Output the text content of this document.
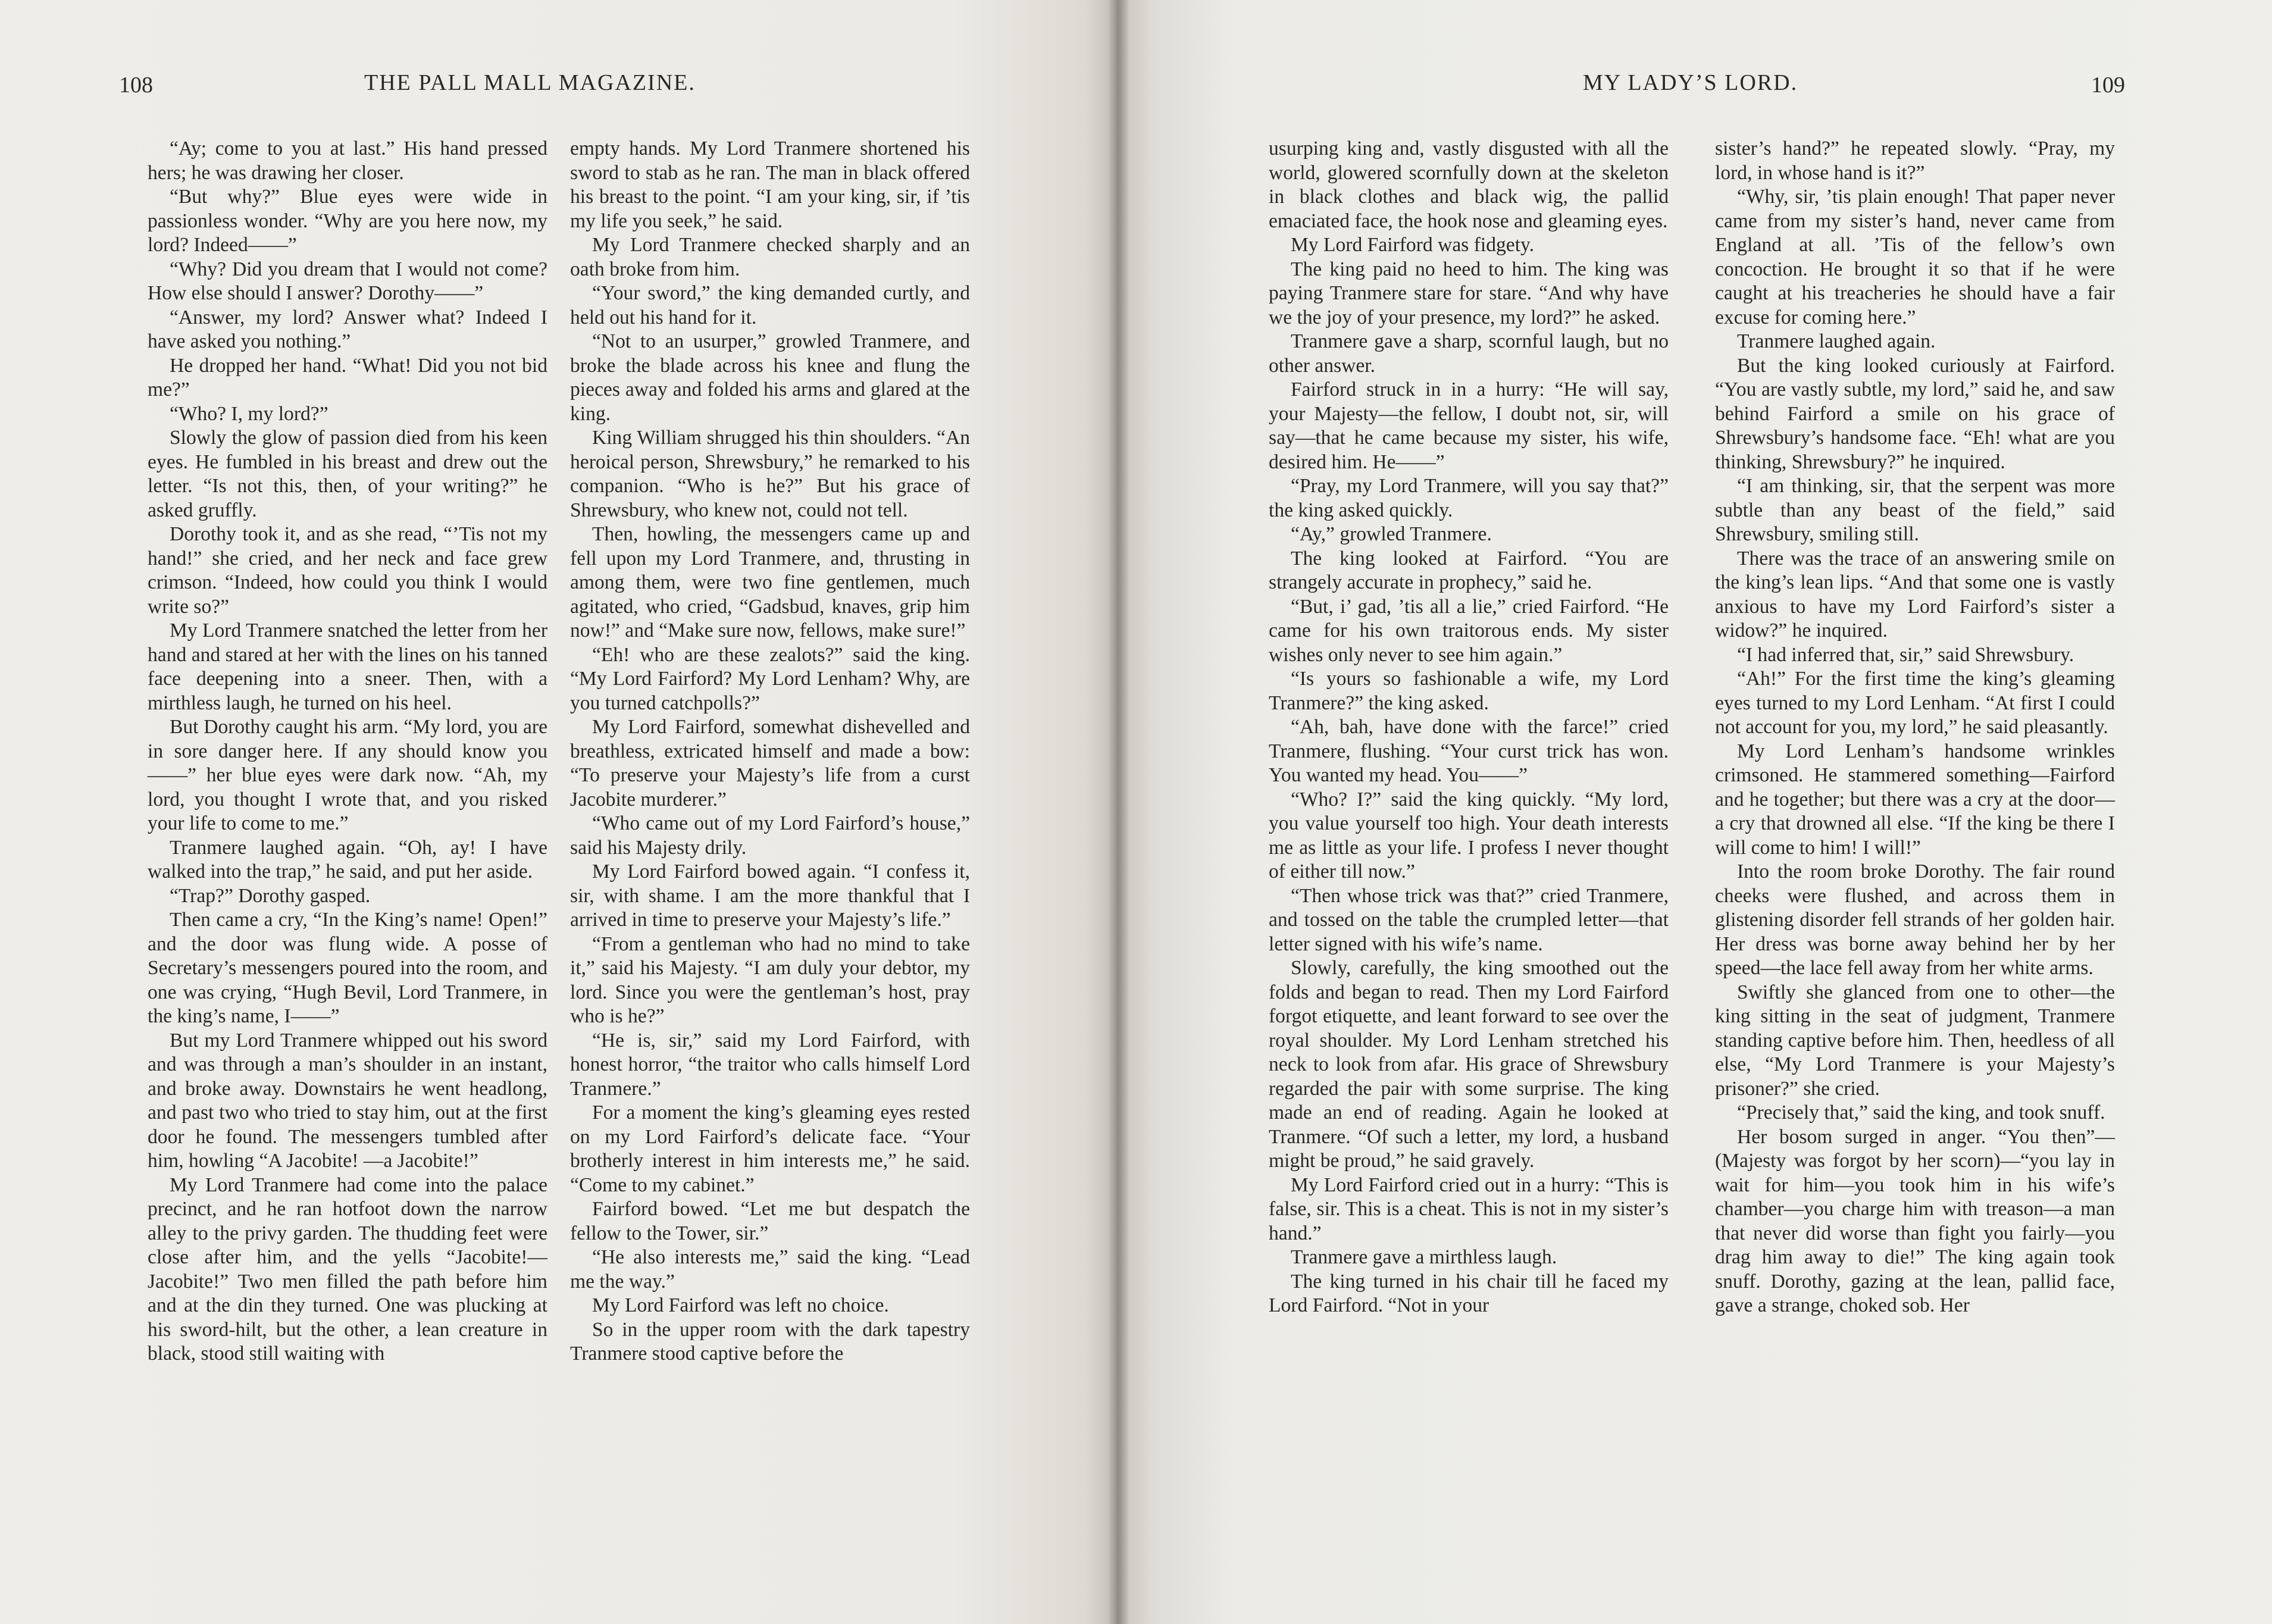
108	THE PALL MALL MAGAZINE.

“Ay; come to you at last.” His hand pressed hers; he was drawing her closer.

“But why?” Blue eyes were wide in passionless wonder. “Why are you here now, my lord? Indeed——”

“Why? Did you dream that I would not come? How else should I answer? Dorothy——”

“Answer, my lord? Answer what? Indeed I have asked you nothing.”

He dropped her hand. “What! Did you not bid me?”

“Who? I, my lord?”

Slowly the glow of passion died from his keen eyes. He fumbled in his breast and drew out the letter. “Is not this, then, of your writing?” he asked gruffly.

Dorothy took it, and as she read, “’Tis not my hand!” she cried, and her neck and face grew crimson. “Indeed, how could you think I would write so?”

My Lord Tranmere snatched the letter from her hand and stared at her with the lines on his tanned face deepening into a sneer. Then, with a mirthless laugh, he turned on his heel.

But Dorothy caught his arm. “My lord, you are in sore danger here. If any should know you——” her blue eyes were dark now. “Ah, my lord, you thought I wrote that, and you risked your life to come to me.”

Tranmere laughed again. “Oh, ay! I have walked into the trap,” he said, and put her aside.

“Trap?” Dorothy gasped.

Then came a cry, “In the King’s name! Open!” and the door was flung wide. A posse of Secretary’s messengers poured into the room, and one was crying, “Hugh Bevil, Lord Tranmere, in the king’s name, I——”

But my Lord Tranmere whipped out his sword and was through a man’s shoulder in an instant, and broke away. Downstairs he went headlong, and past two who tried to stay him, out at the first door he found. The messengers tumbled after him, howling “A Jacobite! —a Jacobite!”

My Lord Tranmere had come into the palace precinct, and he ran hotfoot down the narrow alley to the privy garden. The thudding feet were close after him, and the yells “Jacobite!—Jacobite!” Two men filled the path before him and at the din they turned. One was plucking at his sword-hilt, but the other, a lean creature in black, stood still waiting with

empty hands. My Lord Tranmere shortened his sword to stab as he ran. The man in black offered his breast to the point. “I am your king, sir, if ’tis my life you seek,” he said.

My Lord Tranmere checked sharply and an oath broke from him.

“Your sword,” the king demanded curtly, and held out his hand for it.

“Not to an usurper,” growled Tranmere, and broke the blade across his knee and flung the pieces away and folded his arms and glared at the king.

King William shrugged his thin shoulders. “An heroical person, Shrewsbury,” he remarked to his companion. “Who is he?” But his grace of Shrewsbury, who knew not, could not tell.

Then, howling, the messengers came up and fell upon my Lord Tranmere, and, thrusting in among them, were two fine gentlemen, much agitated, who cried, “Gadsbud, knaves, grip him now!” and “Make sure now, fellows, make sure!”

“Eh! who are these zealots?” said the king. “My Lord Fairford? My Lord Lenham? Why, are you turned catchpolls?”

My Lord Fairford, somewhat dishevelled and breathless, extricated himself and made a bow: “To preserve your Majesty’s life from a curst Jacobite murderer.”

“Who came out of my Lord Fairford’s house,” said his Majesty drily.

My Lord Fairford bowed again. “I confess it, sir, with shame. I am the more thankful that I arrived in time to preserve your Majesty’s life.”

“From a gentleman who had no mind to take it,” said his Majesty. “I am duly your debtor, my lord. Since you were the gentleman’s host, pray who is he?”

“He is, sir,” said my Lord Fairford, with honest horror, “the traitor who calls himself Lord Tranmere.”

For a moment the king’s gleaming eyes rested on my Lord Fairford’s delicate face. “Your brotherly interest in him interests me,” he said. “Come to my cabinet.”

Fairford bowed. “Let me but despatch the fellow to the Tower, sir.”

“He also interests me,” said the king. “Lead me the way.”

My Lord Fairford was left no choice.

So in the upper room with the dark tapestry Tranmere stood captive before the

MY LADY’S LORD.	109

usurping king and, vastly disgusted with all the world, glowered scornfully down at the skeleton in black clothes and black wig, the pallid emaciated face, the hook nose and gleaming eyes.

My Lord Fairford was fidgety.

The king paid no heed to him. The king was paying Tranmere stare for stare. “And why have we the joy of your presence, my lord?” he asked.

Tranmere gave a sharp, scornful laugh, but no other answer.

Fairford struck in in a hurry: “He will say, your Majesty—the fellow, I doubt not, sir, will say—that he came because my sister, his wife, desired him. He——”

“Pray, my Lord Tranmere, will you say that?” the king asked quickly.

“Ay,” growled Tranmere.

The king looked at Fairford. “You are strangely accurate in prophecy,” said he.

“But, i’ gad, ’tis all a lie,” cried Fairford. “He came for his own traitorous ends. My sister wishes only never to see him again.”

“Is yours so fashionable a wife, my Lord Tranmere?” the king asked.

“Ah, bah, have done with the farce!” cried Tranmere, flushing. “Your curst trick has won. You wanted my head. You——”

“Who? I?” said the king quickly. “My lord, you value yourself too high. Your death interests me as little as your life. I profess I never thought of either till now.”

“Then whose trick was that?” cried Tranmere, and tossed on the table the crumpled letter—that letter signed with his wife’s name.

Slowly, carefully, the king smoothed out the folds and began to read. Then my Lord Fairford forgot etiquette, and leant forward to see over the royal shoulder. My Lord Lenham stretched his neck to look from afar. His grace of Shrewsbury regarded the pair with some surprise. The king made an end of reading. Again he looked at Tranmere. “Of such a letter, my lord, a husband might be proud,” he said gravely.

My Lord Fairford cried out in a hurry: “This is false, sir. This is a cheat. This is not in my sister’s hand.”

Tranmere gave a mirthless laugh.

The king turned in his chair till he faced my Lord Fairford. “Not in your

sister’s hand?” he repeated slowly. “Pray, my lord, in whose hand is it?”

“Why, sir, ’tis plain enough! That paper never came from my sister’s hand, never came from England at all. ’Tis of the fellow’s own concoction. He brought it so that if he were caught at his treacheries he should have a fair excuse for coming here.”

Tranmere laughed again.

But the king looked curiously at Fairford. “You are vastly subtle, my lord,” said he, and saw behind Fairford a smile on his grace of Shrewsbury’s handsome face. “Eh! what are you thinking, Shrewsbury?” he inquired.

“I am thinking, sir, that the serpent was more subtle than any beast of the field,” said Shrewsbury, smiling still.

There was the trace of an answering smile on the king’s lean lips. “And that some one is vastly anxious to have my Lord Fairford’s sister a widow?” he inquired.

“I had inferred that, sir,” said Shrewsbury.

“Ah!” For the first time the king’s gleaming eyes turned to my Lord Lenham. “At first I could not account for you, my lord,” he said pleasantly.

My Lord Lenham’s handsome wrinkles crimsoned. He stammered something—Fairford and he together; but there was a cry at the door—a cry that drowned all else. “If the king be there I will come to him! I will!”

Into the room broke Dorothy. The fair round cheeks were flushed, and across them in glistening disorder fell strands of her golden hair. Her dress was borne away behind her by her speed—the lace fell away from her white arms.

Swiftly she glanced from one to other—the king sitting in the seat of judgment, Tranmere standing captive before him. Then, heedless of all else, “My Lord Tranmere is your Majesty’s prisoner?” she cried.

“Precisely that,” said the king, and took snuff.

Her bosom surged in anger. “You then”—(Majesty was forgot by her scorn)—“you lay in wait for him—you took him in his wife’s chamber—you charge him with treason—a man that never did worse than fight you fairly—you drag him away to die!” The king again took snuff. Dorothy, gazing at the lean, pallid face, gave a strange, choked sob. Her
